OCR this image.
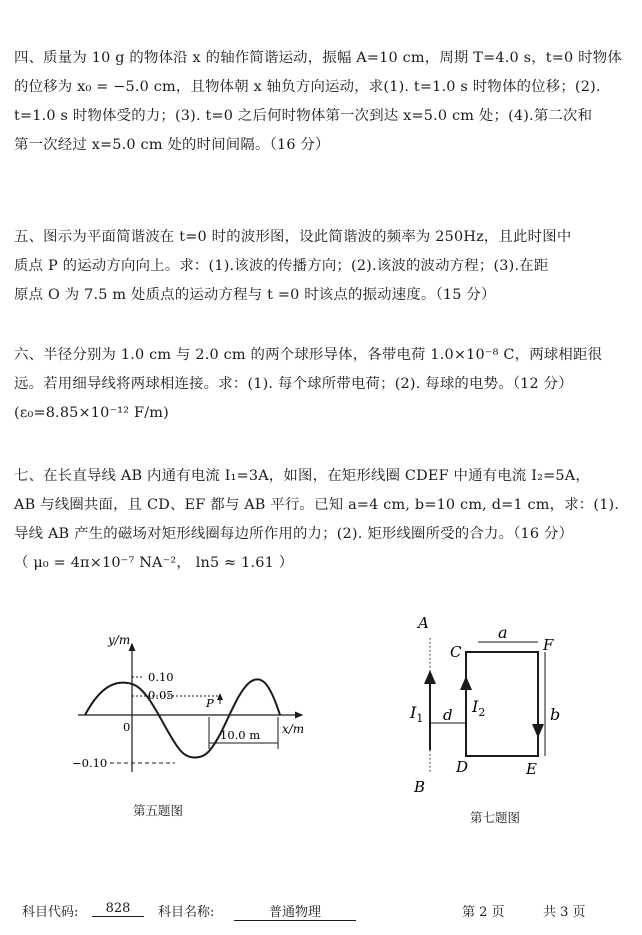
四、质量为 10 g 的物体沿 x 的轴作简谐运动，振幅 A=10 cm，周期 T=4.0 s，t=0 时物体
的位移为 x₀ = −5.0 cm，且物体朝 x 轴负方向运动，求(1). t=1.0 s 时物体的位移；(2).
t=1.0 s 时物体受的力；(3). t=0 之后何时物体第一次到达 x=5.0 cm 处；(4).第二次和
第一次经过 x=5.0 cm 处的时间间隔。（16 分）
五、图示为平面简谐波在 t=0 时的波形图，设此简谐波的频率为 250Hz，且此时图中
质点 P 的运动方向向上。求：(1).该波的传播方向；(2).该波的波动方程；(3).在距
原点 O 为 7.5 m 处质点的运动方程与 t =0 时该点的振动速度。（15 分）
六、半径分别为 1.0 cm 与 2.0 cm 的两个球形导体，各带电荷 1.0×10⁻⁸ C，两球相距很
远。若用细导线将两球相连接。求：(1). 每个球所带电荷；(2). 每球的电势。（12 分）
(ε₀=8.85×10⁻¹² F/m)
七、在长直导线 AB 内通有电流 I₁=3A，如图，在矩形线圈 CDEF 中通有电流 I₂=5A，
AB 与线圈共面，且 CD、EF 都与 AB 平行。已知 a=4 cm, b=10 cm, d=1 cm，求：(1).
导线 AB 产生的磁场对矩形线圈每边所作用的力；(2). 矩形线圈所受的合力。（16 分）
（ μ₀ = 4π×10⁻⁷ NA⁻²， ln5 ≈ 1.61 ）
y/m
x/m
0.10
0.05
0
−0.10
P
10.0 m
第五题图
A
B
C	F
D	E
a
b
d
$I_1$
$I_2$
第七题图
科目代码:	828	科目名称:	普通物理	第 2 页	共 3 页
